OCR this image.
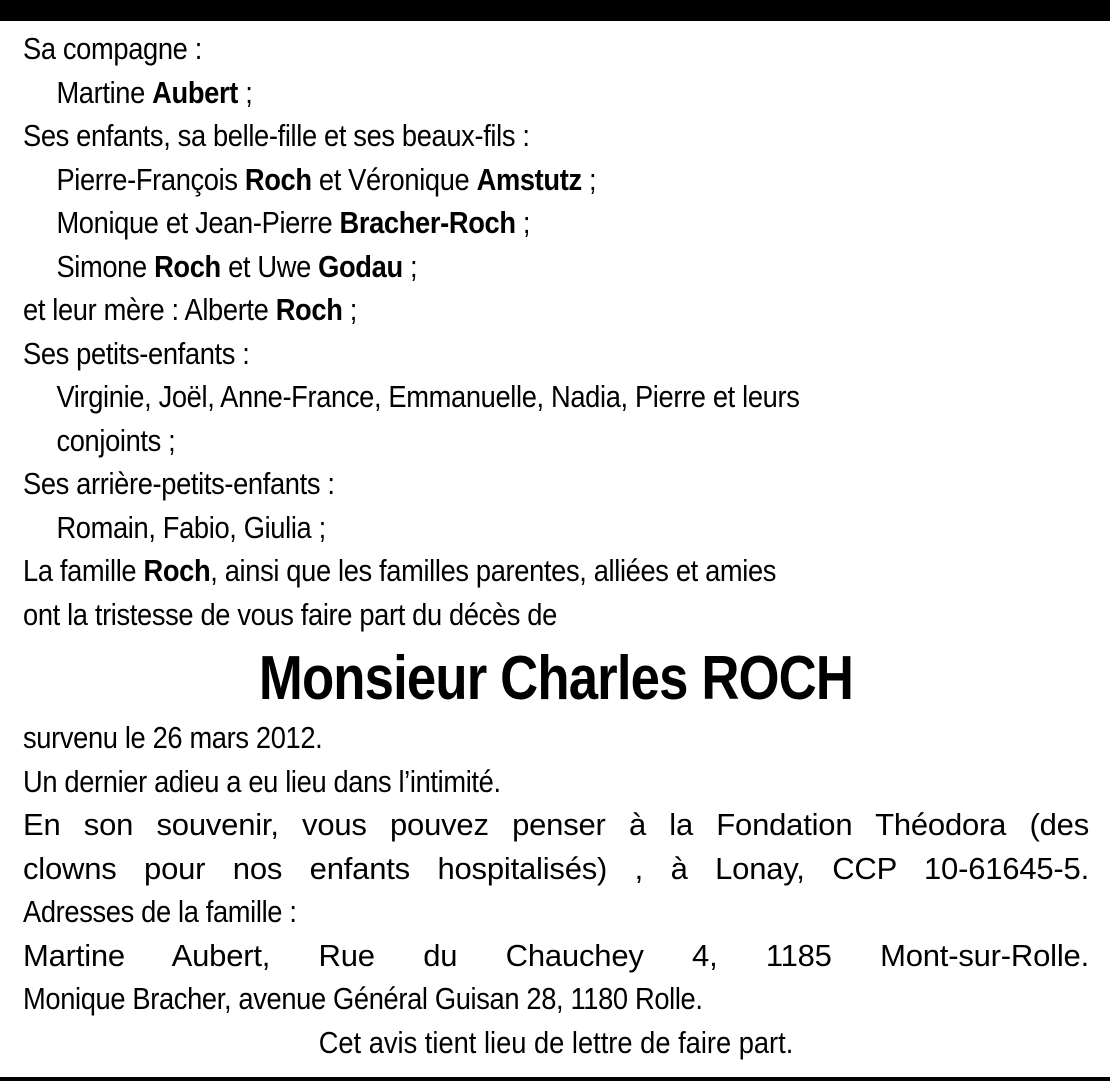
Sa compagne :
Martine Aubert ;
Ses enfants, sa belle-fille et ses beaux-fils :
Pierre-François Roch et Véronique Amstutz ;
Monique et Jean-Pierre Bracher-Roch ;
Simone Roch et Uwe Godau ;
et leur mère : Alberte Roch ;
Ses petits-enfants :
Virginie, Joël, Anne-France, Emmanuelle, Nadia, Pierre et leurs
conjoints ;
Ses arrière-petits-enfants :
Romain, Fabio, Giulia ;
La famille Roch, ainsi que les familles parentes, alliées et amies
ont la tristesse de vous faire part du décès de
Monsieur Charles ROCH
survenu le 26 mars 2012.
Un dernier adieu a eu lieu dans l’intimité.
En son souvenir, vous pouvez penser à la Fondation Théodora (des
clowns pour nos enfants hospitalisés) , à Lonay, CCP 10-61645-5.
Adresses de la famille :
Martine Aubert, Rue du Chauchey 4, 1185 Mont-sur-Rolle.
Monique Bracher, avenue Général Guisan 28, 1180 Rolle.
Cet avis tient lieu de lettre de faire part.
